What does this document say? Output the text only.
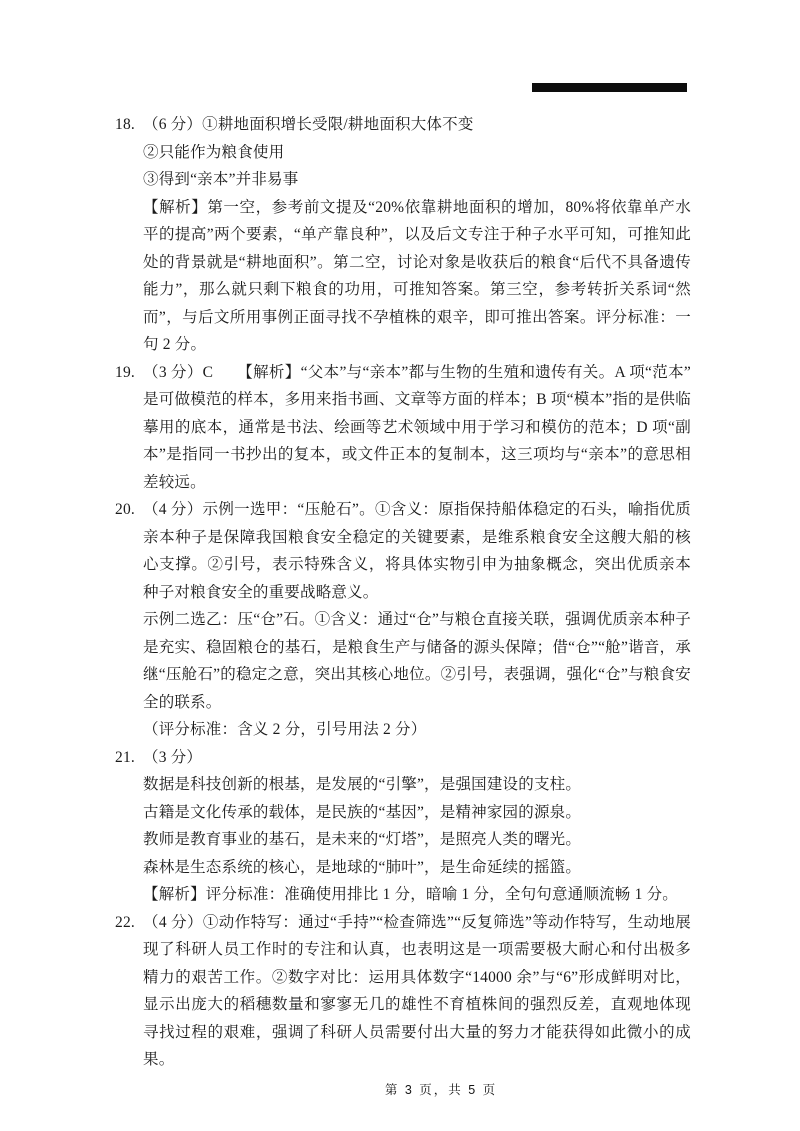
18. （6 分）①耕地面积增长受限/耕地面积大体不变

②只能作为粮食使用

③得到“亲本”并非易事

【解析】第一空，参考前文提及“20%依靠耕地面积的增加，80%将依靠单产水平的提高”两个要素，“单产靠良种”，以及后文专注于种子水平可知，可推知此处的背景就是“耕地面积”。第二空，讨论对象是收获后的粮食“后代不具备遗传能力”，那么就只剩下粮食的功用，可推知答案。第三空，参考转折关系词“然而”，与后文所用事例正面寻找不孕植株的艰辛，即可推出答案。评分标准：一句 2 分。

19. （3 分）C　　【解析】“父本”与“亲本”都与生物的生殖和遗传有关。A 项“范本”是可做模范的样本，多用来指书画、文章等方面的样本；B 项“模本”指的是供临摹用的底本，通常是书法、绘画等艺术领域中用于学习和模仿的范本；D 项“副本”是指同一书抄出的复本，或文件正本的复制本，这三项均与“亲本”的意思相差较远。

20. （4 分）示例一选甲：“压舱石”。①含义：原指保持船体稳定的石头，喻指优质亲本种子是保障我国粮食安全稳定的关键要素，是维系粮食安全这艘大船的核心支撑。②引号，表示特殊含义，将具体实物引申为抽象概念，突出优质亲本种子对粮食安全的重要战略意义。

示例二选乙：压“仓”石。①含义：通过“仓”与粮仓直接关联，强调优质亲本种子是充实、稳固粮仓的基石，是粮食生产与储备的源头保障；借“仓”“舱”谐音，承继“压舱石”的稳定之意，突出其核心地位。②引号，表强调，强化“仓”与粮食安全的联系。

（评分标准：含义 2 分，引号用法 2 分）

21. （3 分）

数据是科技创新的根基，是发展的“引擎”，是强国建设的支柱。

古籍是文化传承的载体，是民族的“基因”，是精神家园的源泉。

教师是教育事业的基石，是未来的“灯塔”，是照亮人类的曙光。

森林是生态系统的核心，是地球的“肺叶”，是生命延续的摇篮。

【解析】评分标准：准确使用排比 1 分，暗喻 1 分，全句句意通顺流畅 1 分。

22. （4 分）①动作特写：通过“手持”“检查筛选”“反复筛选”等动作特写，生动地展现了科研人员工作时的专注和认真，也表明这是一项需要极大耐心和付出极多精力的艰苦工作。②数字对比：运用具体数字“14000 余”与“6”形成鲜明对比，显示出庞大的稻穗数量和寥寥无几的雄性不育植株间的强烈反差，直观地体现寻找过程的艰难，强调了科研人员需要付出大量的努力才能获得如此微小的成果。

第 3 页，共 5 页
